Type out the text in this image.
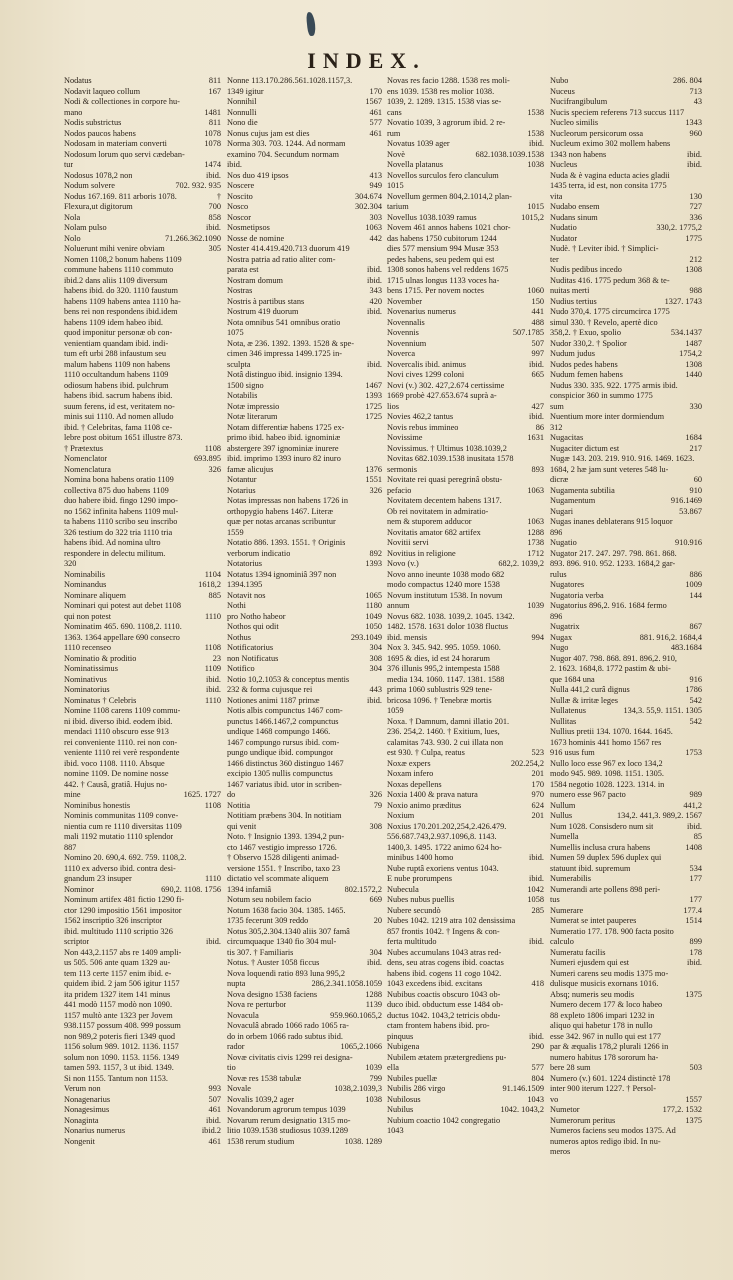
INDEX.
Nodatus	811
Nodavit laqueo collum	167
Nodi & collectiones in corpore hu-
mano	1481
Nodis substrictus	811
Nodos paucos habens	1078
Nodosam in materiam converti	1078
Nodosum lorum quo servi cædeban-
tur	1474
Nodosus 1078,2 non	ibid.
Nodum solvere	702. 932. 935
Nodus 167.169. 811 arboris 1078.	†
Flexura,ut digitorum	700
Nola	858
Nolam pulso	ibid.
Nolo	71.266.362.1090
Noluerunt mihi venire obviam	305
Nomen 1108,2 bonum habens 1109
commune habens 1110 commuto
ibid.2 dans aliis 1109 diversum
habens ibid. do 320. 1110 faustum
habens 1109 habens antea 1110 ha-
bens rei non respondens ibid.idem
habens 1109 idem habeo ibid.
quod imponitur personæ ob con-
venientiam quandam ibid. indi-
tum eft urbi 288 infaustum seu
malum habens 1109 non habens
1110 occultandum habens 1109
odiosum habens ibid. pulchrum
habens ibid. sacrum habens ibid.
suum ferens, id est, veritatem no-
minis sui 1110. Ad nomen alludo
ibid. † Celebritas, fama 1108 ce-
lebre post obitum 1651 illustre 873.
† Prætextus	1108
Nomenclator	693.895
Nomenclatura	326
Nomina bona habens oratio 1109
collectiva 875 duo habens 1109
duo habere ibid. fingo 1290 impo-
no 1562 infinita habens 1109 mul-
ta habens 1110 scribo seu inscribo
326 testium do 322 tria 1110 tria
habens ibid. Ad nomina ultro
respondere in delectu militum.
320
Nominabilis	1104
Nominandus	1618,2
Nominare aliquem	885
Nominari qui potest aut debet 1108
qui non potest	1110
Nominatim 465. 690. 1108,2. 1110.
1363. 1364 appellare 690 consecro
1110 recenseo	1108
Nominatio & proditio	23
Nominatissimus	1109
Nominativus	ibid.
Nominatorius	ibid.
Nominatus † Celebris	1110
Nomine 1108 carens 1109 commu-
ni ibid. diverso ibid. eodem ibid.
mendaci 1110 obscuro esse 913
rei conveniente 1110. rei non con-
veniente 1110 rei verè respondente
ibid. voco 1108. 1110. Absque
nomine 1109. De nomine nosse
442. † Causâ, gratiâ. Hujus no-
mine	1625. 1727
Nominibus honestis	1108
Nominis communitas 1109 conve-
nientia cum re 1110 diversitas 1109
mali 1192 mutatio 1110 splendor
887
Nomino 20. 690,4. 692. 759. 1108,2.
1110 ex adverso ibid. contra desi-
gnandum 23 insuper	1110
Nominor	690,2. 1108. 1756
Nominum artifex 481 fictio 1290 fi-
ctor 1290 impositio 1561 impositor
1562 inscriptio 326 inscriptor
ibid. multitudo 1110 scriptio 326
scriptor	ibid.
Non 443,2.1157 abs re 1409 ampli-
us 505. 506 ante quam 1329 au-
tem 113 certe 1157 enim ibid. e-
quidem ibid. 2 jam 506 igitur 1157
ita pridem 1327 item 141 minus
441 modò 1157 modò non 1090.
1157 multò ante 1323 per Jovem
938.1157 possum 408. 999 possum
non 989,2 poteris fieri 1349 quod
1156 solum 989. 1012. 1136. 1157
solum non 1090. 1153. 1156. 1349
tamen 593. 1157, 3 ut ibid. 1349.
Si non 1155. Tantum non 1153.
Verum non	993
Nonagenarius	507
Nonagesimus	461
Nonaginta	ibid.
Nonarius numerus	ibid.2
Nongenit	461
Nonne 113.170.286.561.1028.1157,3.
1349 igitur	170
Nonnihil	1567
Nonnulli	461
Nono die	577
Nonus cujus jam est dies	461
Norma 303. 703. 1244. Ad normam
examino 704. Secundum normam
ibid.
Nos duo 419 ipsos	413
Noscere	949
Noscito	304.674
Nosco	302.304
Noscor	303
Nosmetipsos	1063
Nosse de nomine	442
Noster 414.419.420.713 duorum 419
Nostra patria ad ratio aliter com-
parata est	ibid.
Nostram domum	ibid.
Nostras	343
Nostris à partibus stans	420
Nostrum 419 duorum	ibid.
Nota omnibus 541 omnibus oratio
1075
Nota, æ 236. 1392. 1393. 1528 & spe-
cimen 346 impressa 1499.1725 in-
sculpta	ibid.
Notâ distinguo ibid. insignio 1394.
1500 signo	1467
Notabilis	1393
Notæ impressio	1725
Notæ literarum	1725
Notam differentiæ habens 1725 ex-
primo ibid. habeo ibid. ignominiæ
abstergere 397 ignominiæ inurere
ibid. imprimo 1393 inuro 82 inuro
famæ alicujus	1376
Notantur	1551
Notarius	326
Notas impressas non habens 1726 in
orthopygio habens 1467. Literæ
quæ per notas arcanas scribuntur
1559
Notatio 886. 1393. 1551. † Originis
verborum indicatio	892
Notatorius	1393
Notatus 1394 ignominiâ 397 non
1394.1395
Notavit nos	1065
Nothi	1180
pro Notho habeor	1049
Nothos qui odit	1050
Nothus	293.1049
Notificatorius	304
non Notificatus	308
Notifico	304
Notio 10,2.1053 & conceptus mentis
232 & forma cujusque rei	443
Notiones animi 1187 primæ	ibid.
Notis albis compunctus 1467 com-
punctus 1466.1467,2 compunctus
undique 1468 compungo 1466.
1467 compungo rursus ibid. com-
pungo undique ibid. compungor
1466 distinctus 360 distinguo 1467
excipio 1305 nullis compunctus
1467 variatus ibid. utor in scriben-
do	326
Notitia	79
Notitiam præbens 304. In notitiam
qui venit	308
Noto. † Insignio 1393. 1394,2 pun-
cto 1467 vestigio impresso 1726.
† Observo 1528 diligenti animad-
versione 1551. † Inscribo, taxo 23
dictatio vel scommate aliquem
1394 infamiâ	802.1572,2
Notum seu nobilem facio	669
Notum 1638 facio 304. 1385. 1465.
1735 fecerunt 309 reddo	20
Notus 305,2.304.1340 aliis 307 famâ
circumquaque 1340 fio 304 mul-
tis 307. † Familiaris	304
Notus. † Auster 1058 ficcus	ibid.
Nova loquendi ratio 893 luna 995,2
nupta	286,2.341.1058.1059
Nova designo 1538 faciens	1288
Nova re perturbor	1139
Novacula	959.960.1065,2
Novaculâ abrado 1066 rado 1065 ra-
do in orbem 1066 rado subtus ibid.
rador	1065,2.1066
Novæ civitatis civis 1299 rei designa-
tio	1039
Novæ res 1538 tabulæ	799
Novale	1038,2.1039,3
Novalis 1039,2 ager	1038
Novandorum agrorum tempus 1039
Novarum rerum designatio 1315 mo-
litio 1039.1538 studiosus 1039.1289
1538 rerum studium	1038. 1289
Novas res facio 1288. 1538 res moli-
ens 1039. 1538 res molior 1038.
1039, 2. 1289. 1315. 1538 vias se-
cans	1538
Novatio 1039, 3 agrorum ibid. 2 re-
rum	1538
Novatus 1039 ager	ibid.
Novè	682.1038.1039.1538
Novella platanus	1038
Novellos surculos fero clanculum
1015
Novellum germen 804,2.1014,2 plan-
tarium	1015
Novellus 1038.1039 ramus	1015,2
Novem 461 annos habens 1021 chor-
das habens 1750 cubitorum 1244
dies 577 mensium 994 Musæ 353
pedes habens, seu pedem qui est
1308 sonos habens vel reddens 1675
1715 ulnas longus 1133 voces ha-
bens 1715. Per novem noctes	1060
November	150
Novenarius numerus	441
Novennalis	488
Novennis	507.1785
Novennium	507
Noverca	997
Novercalis ibid. animus	ibid.
Novi cives 1299 coloni	665
Novi (v.) 302. 427,2.674 certissime
1669 probè 427.653.674 suprà a-
lios	427
Novies 462,2 tantus	ibid.
Novis rebus immineo	86
Novissime	1631
Novissimus. † Ultimus 1038.1039,2
Novitas 682.1039.1538 inusitata 1578
sermonis	893
Novitate rei quasi peregrinâ obstu-
pefacio	1063
Novitatem decentem habens 1317.
Ob rei novitatem in admiratio-
nem & stuporem adducor	1063
Novitatis amator 682 artifex	1288
Novitii servi	1738
Novitius in religione	1712
Novo (v.)	682,2. 1039,2
Novo anno ineunte 1038 modo 682
modo compactus 1240 more 1538
Novum institutum 1538. In novum
annum	1039
Novus 682. 1038. 1039,2. 1045. 1342.
1482. 1578. 1631 dolor 1038 fluctus
ibid. mensis	994
Nox 3. 345. 942. 995. 1059. 1060.
1695 & dies, id est 24 horarum
376 illunis 995,2 intempesta 1588
media 134. 1060. 1147. 1381. 1588
prima 1060 sublustris 929 tene-
bricosa 1096. † Tenebræ mortis
1059
Noxa. † Damnum, damni illatio 201.
236. 254,2. 1460. † Exitium, lues,
calamitas 743. 930. 2 cui illata non
est 930. † Culpa, reatus	523
Noxæ expers	202.254,2
Noxam infero	201
Noxas depellens	170
Noxia 1400 & prava natura	970
Noxio animo præditus	624
Noxium	201
Noxius 170.201.202,254,2.426.479.
556.687.743,2.937.1096,8. 1143.
1400,3. 1495. 1722 animo 624 ho-
minibus 1400 homo	ibid.
Nube ruptâ exoriens ventus 1043.
E nube prorumpens	ibid.
Nubecula	1042
Nubes nubus puellis	1058
Nubere secundò	285
Nubes 1042. 1219 atra 102 densissima
857 frontis 1042. † Ingens & con-
ferta multitudo	ibid.
Nubes accumulans 1043 atras red-
dens, seu atras cogens ibid. coactas
habens ibid. cogens 11 cogo 1042.
1043 excedens ibid. excitans	418
Nubibus coactis obscuro 1043 ob-
duco ibid. obductum esse 1484 ob-
ductus 1042. 1043,2 tetricis obdu-
ctam frontem habens ibid. pro-
pinquus	ibid.
Nubigena	290
Nubilem ætatem prætergrediens pu-
ella	577
Nubiles puellæ	804
Nubilis 286 virgo	91.146.1509
Nubilosus	1043
Nubilus	1042. 1043,2
Nubium coactio 1042 congregatio
1043
Nubo	286. 804
Nuceus	713
Nucifrangibulum	43
Nucis speciem referens 713 succus 1117
Nucleo similis	1343
Nucleorum persicorum ossa	960
Nucleum eximo 302 mollem habens
1343 non habens	ibid.
Nucleus	ibid.
Nuda & è vagina educta acies gladii
1435 terra, id est, non consita 1775
vita	130
Nudabo ensem	727
Nudans sinum	336
Nudatio	330,2. 1775,2
Nudator	1775
Nudè. † Leviter ibid. † Simplici-
ter	212
Nudis pedibus incedo	1308
Nuditas 416. 1775 pedum 368 & te-
nuitas merti	988
Nudius tertius	1327. 1743
Nudo 370,4. 1775 circumcirca 1775
simul 330. † Revelo, apertè dico
358,2. † Exuo, spolio	534.1437
Nudor 330,2. † Spolior	1487
Nudum judus	1754,2
Nudos pedes habens	1308
Nudum femen habens	1440
Nudus 330. 335. 922. 1775 armis ibid.
conspicior 360 in summo 1775
sum	330
Nuentium more inter dormiendum
312
Nugacitas	1684
Nugaciter dictum est	217
Nugæ 143. 203. 219. 910. 916. 1469. 1623.
1684, 2 hæ jam sunt veteres 548 lu-
dicræ	60
Nugamenta subtilia	910
Nugamentum	916.1469
Nugari	53.867
Nugas inanes deblaterans 915 loquor
896
Nugatio	910.916
Nugator 217. 247. 297. 798. 861. 868.
893. 896. 910. 952. 1233. 1684,2 gar-
rulus	886
Nugatores	1009
Nugatoria verba	144
Nugatorius 896,2. 916. 1684 fermo
896
Nugatrix	867
Nugax	881. 916,2. 1684,4
Nugo	483.1684
Nugor 407. 798. 868. 891. 896,2. 910,
2. 1623. 1684,8. 1772 pastim & ubi-
que 1684 una	916
Nulla 441,2 curâ dignus	1786
Nullæ & irritæ leges	542
Nullatenus	134,3. 55,9. 1151. 1305
Nullitas	542
Nullius pretii 134. 1070. 1644. 1645.
1673 hominis 441 homo 1567 res
916 usus fum	1753
Nullo loco esse 967 ex loco 134,2
modo 945. 989. 1098. 1151. 1305.
1584 negotio 1028. 1223. 1314. in
numero esse 967 pacto	989
Nullum	441,2
Nullus	134,2. 441,3. 989,2. 1567
Num 1028. Consisdero num sit	ibid.
Numella	85
Numellis inclusa crura habens	1408
Numen 59 duplex 596 duplex qui
statuunt ibid. supremum	534
Numerabilis	177
Numerandi arte pollens 898 peri-
tus	177
Numerare	177.4
Numerat se intet pauperes	1514
Numeratio 177. 178. 900 facta posito
calculo	899
Numeratu facilis	178
Numeri ejusdem qui est	ibid.
Numeri carens seu modis 1375 mo-
dulisque musicis exornans 1016.
Absq; numeris seu modis	1375
Numero decem 177 & loco habeo
88 expleto 1806 impari 1232 in
aliquo qui habetur 178 in nullo
esse 342. 967 in nullo qui est 177
par & æqualis 178,2 plurali 1266 in
numero habitus 178 sororum ha-
bere 28 sum	503
Numero (v.) 601. 1224 distinctè 178
inter 900 iterum 1227. † Persol-
vo	1557
Numetor	177,2. 1532
Numerorum peritus	1375
Numeros faciens seu modos 1375. Ad
numeros aptos redigo ibid. In nu-
meros
